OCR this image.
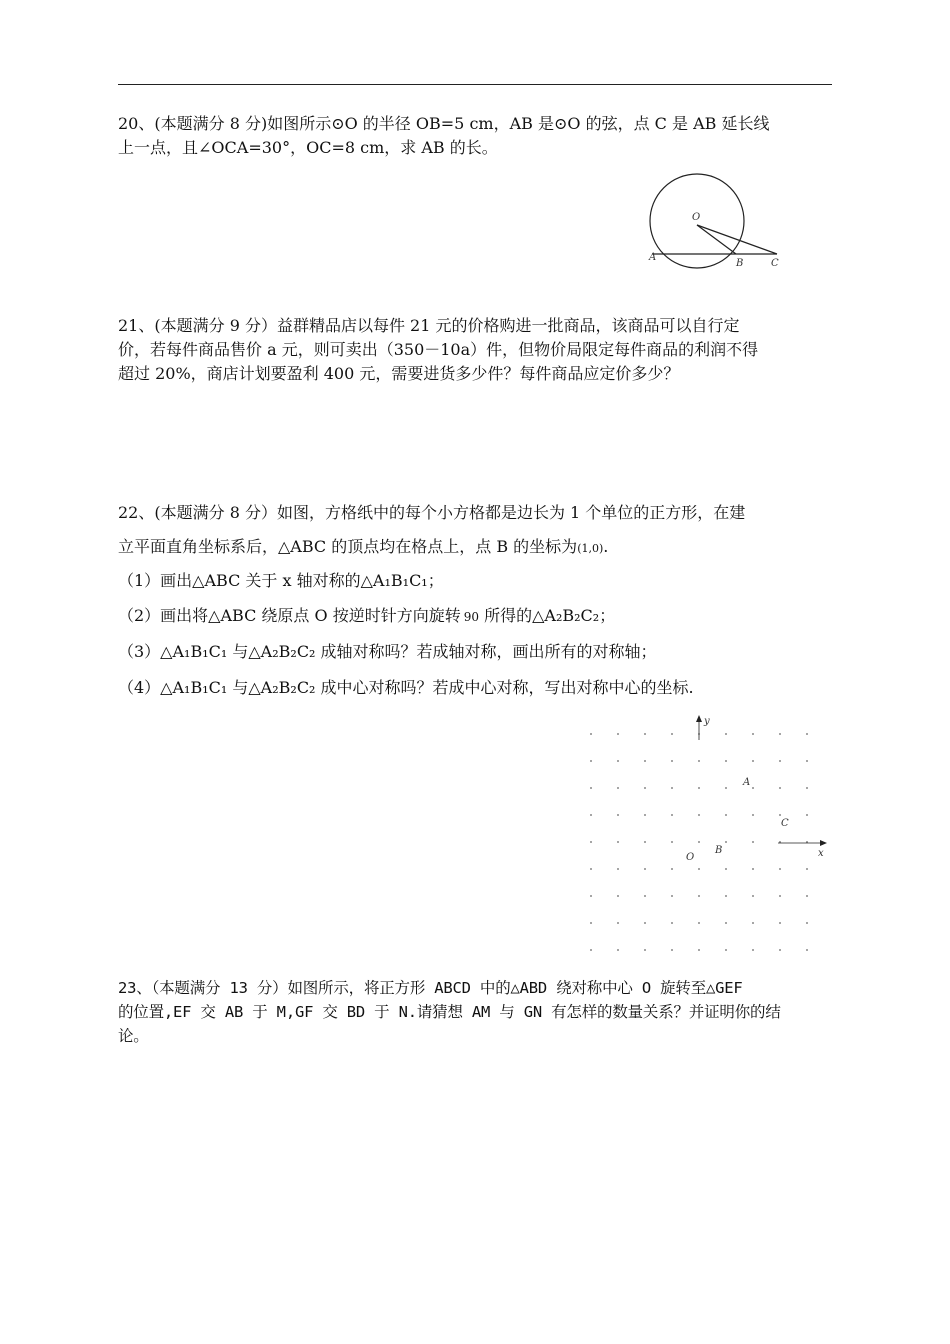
20、(本题满分 8 分)如图所示⊙O 的半径 OB=5 cm，AB 是⊙O 的弦，点 C 是 AB 延长线
上一点，且∠OCA=30°，OC=8 cm，求 AB 的长。
O
A
B	C
21、(本题满分 9 分）益群精品店以每件 21 元的价格购进一批商品，该商品可以自行定
价，若每件商品售价 a 元，则可卖出（350－10a）件，但物价局限定每件商品的利润不得
超过 20%，商店计划要盈利 400 元，需要进货多少件？每件商品应定价多少？
22、(本题满分 8 分）如图，方格纸中的每个小方格都是边长为 1 个单位的正方形，在建
立平面直角坐标系后，△ABC 的顶点均在格点上，点 B 的坐标为(1,0).
（1）画出△ABC 关于 x 轴对称的△A₁B₁C₁；
（2）画出将△ABC 绕原点 O 按逆时针方向旋转 90 所得的△A₂B₂C₂；
（3）△A₁B₁C₁ 与△A₂B₂C₂ 成轴对称吗？若成轴对称，画出所有的对称轴；
（4）△A₁B₁C₁ 与△A₂B₂C₂ 成中心对称吗？若成中心对称，写出对称中心的坐标.
y
x
A
C
B
O
23、（本题满分 13 分）如图所示，将正方形 ABCD 中的△ABD 绕对称中心 O 旋转至△GEF
的位置,EF 交 AB 于 M,GF 交 BD 于 N.请猜想 AM 与 GN 有怎样的数量关系？并证明你的结
论。
